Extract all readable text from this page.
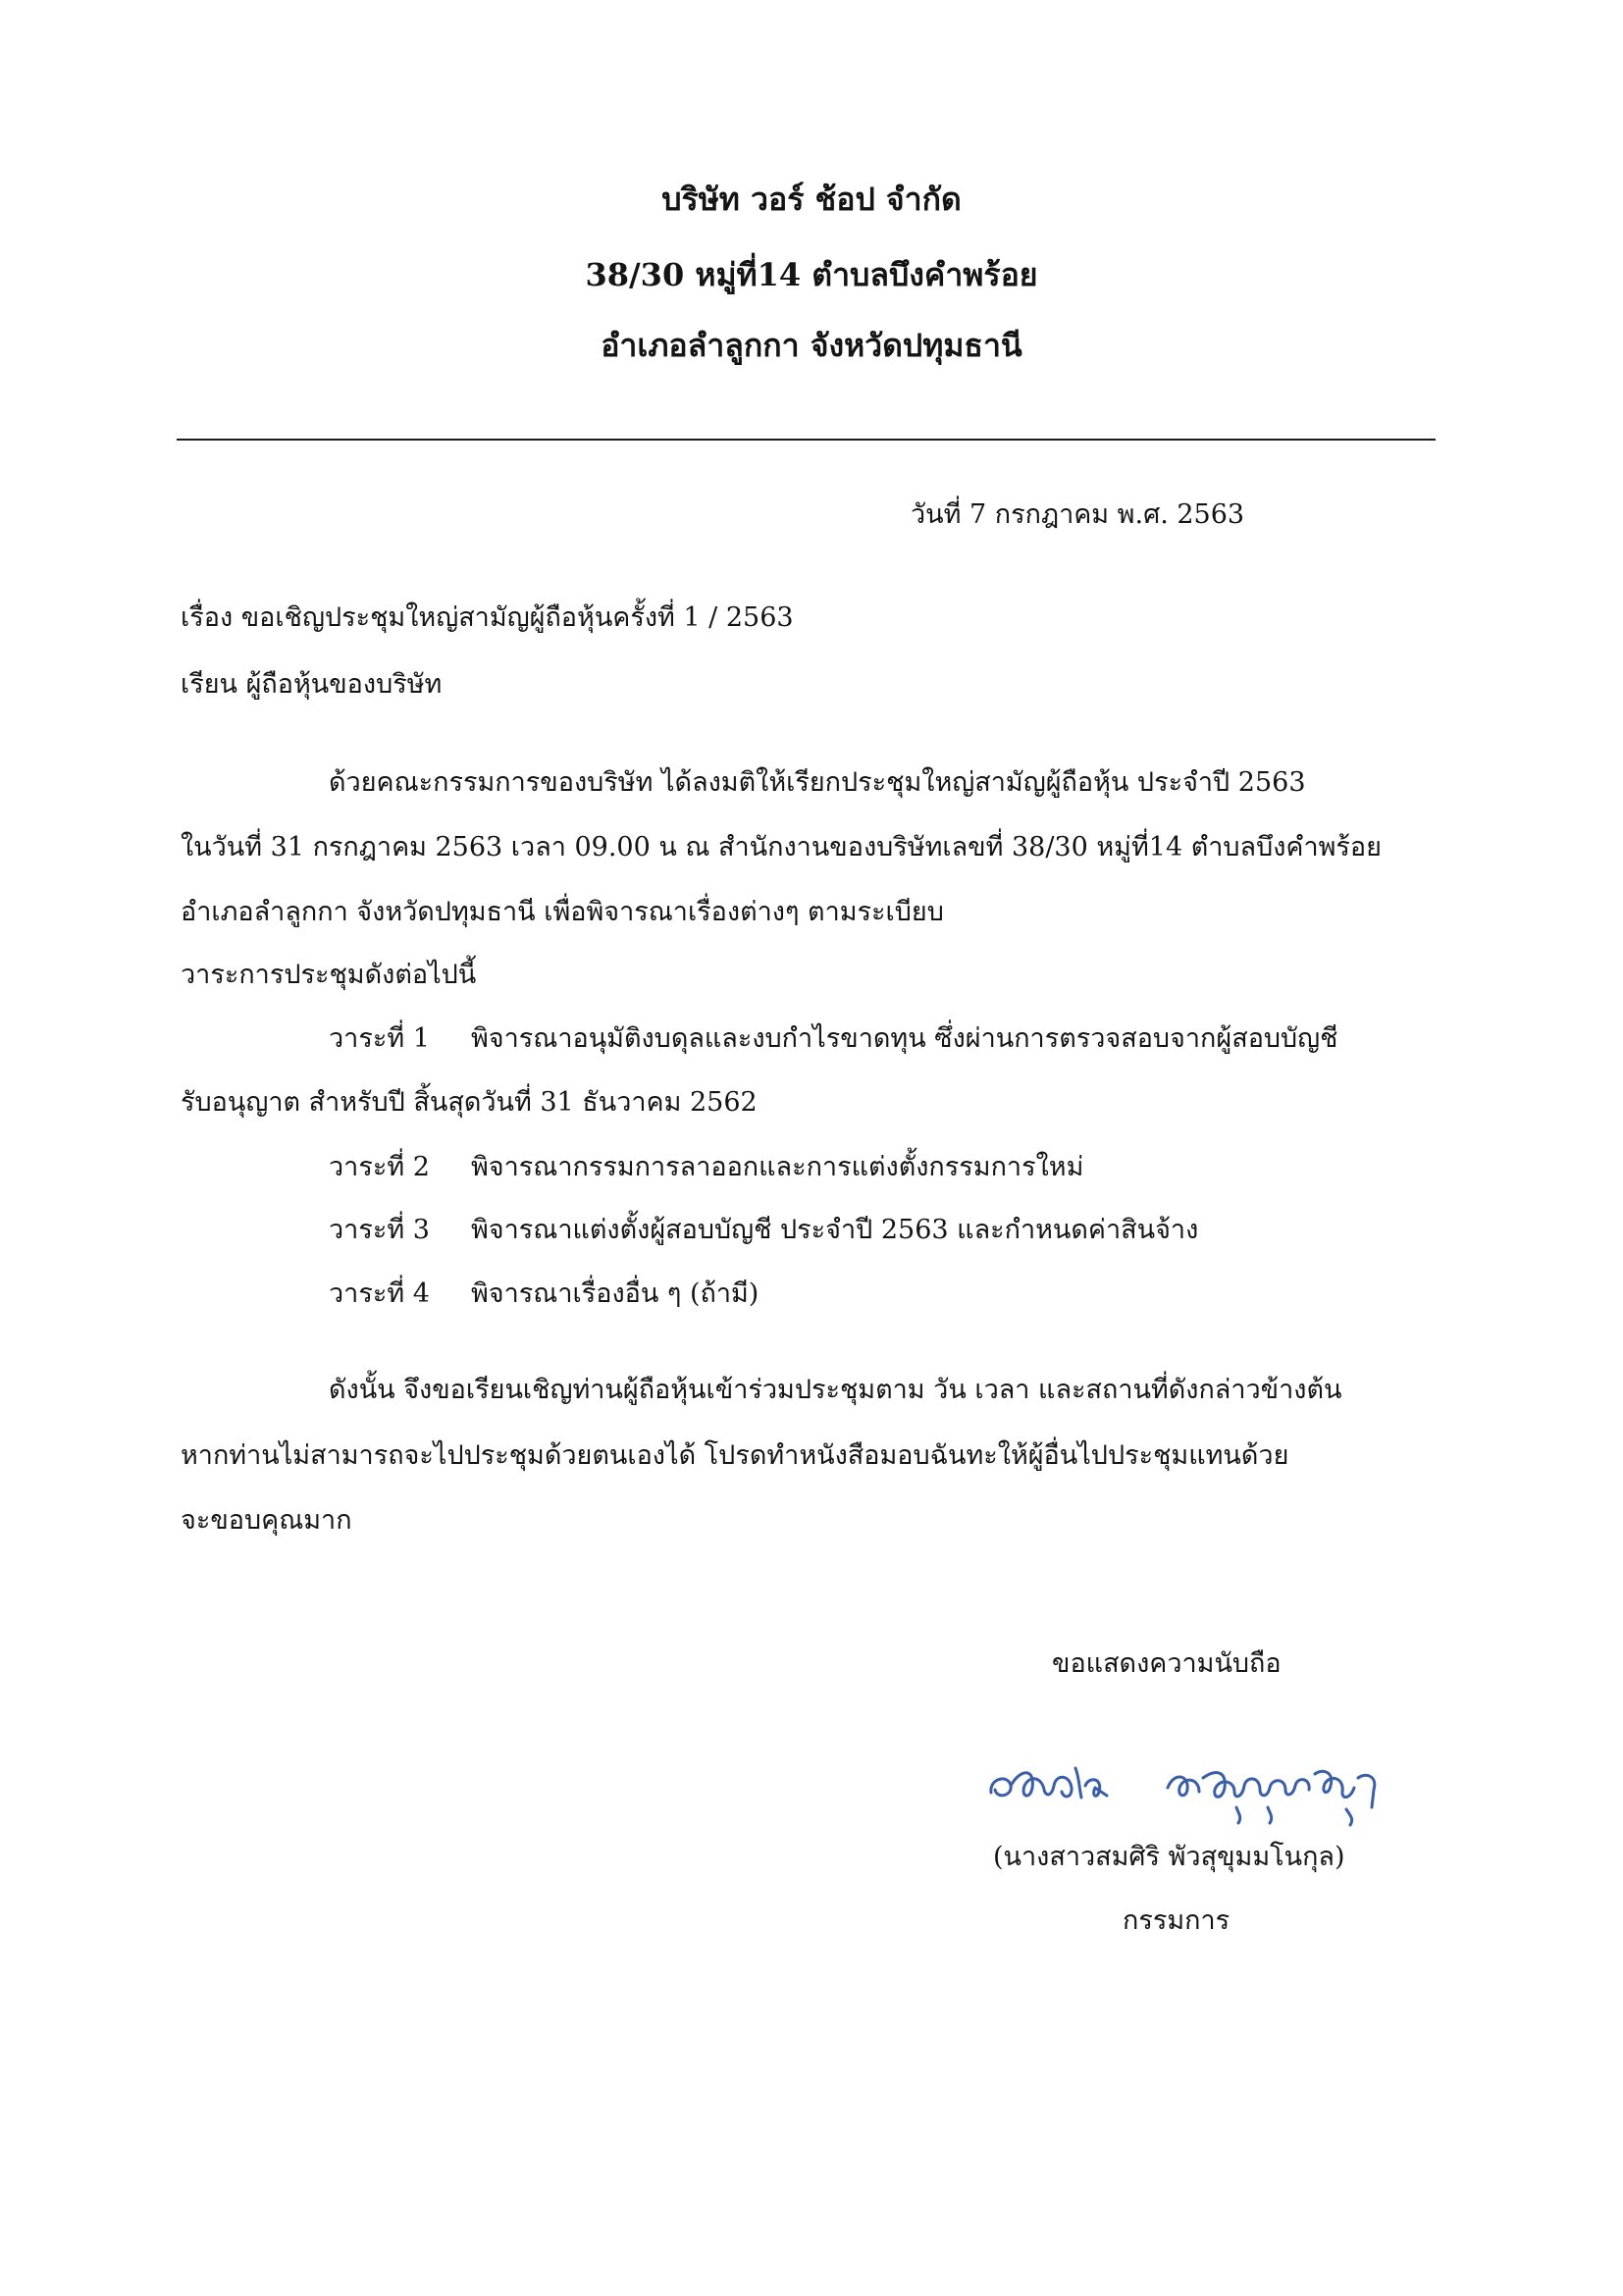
บริษัท วอร์ ช้อป จำกัด
38/30 หมู่ที่14 ตำบลบึงคำพร้อย
อำเภอลำลูกกา จังหวัดปทุมธานี
วันที่ 7 กรกฎาคม พ.ศ. 2563
เรื่อง ขอเชิญประชุมใหญ่สามัญผู้ถือหุ้นครั้งที่ 1 / 2563
เรียน ผู้ถือหุ้นของบริษัท
ด้วยคณะกรรมการของบริษัท ได้ลงมติให้เรียกประชุมใหญ่สามัญผู้ถือหุ้น ประจำปี 2563
ในวันที่ 31 กรกฎาคม 2563 เวลา 09.00 น ณ สำนักงานของบริษัทเลขที่ 38/30 หมู่ที่14 ตำบลบึงคำพร้อย
อำเภอลำลูกกา จังหวัดปทุมธานี เพื่อพิจารณาเรื่องต่างๆ ตามระเบียบ
วาระการประชุมดังต่อไปนี้
วาระที่ 1 พิจารณาอนุมัติงบดุลและงบกำไรขาดทุน ซึ่งผ่านการตรวจสอบจากผู้สอบบัญชี
รับอนุญาต สำหรับปี สิ้นสุดวันที่ 31 ธันวาคม 2562
วาระที่ 2 พิจารณากรรมการลาออกและการแต่งตั้งกรรมการใหม่
วาระที่ 3 พิจารณาแต่งตั้งผู้สอบบัญชี ประจำปี 2563 และกำหนดค่าสินจ้าง
วาระที่ 4 พิจารณาเรื่องอื่น ๆ (ถ้ามี)
ดังนั้น จึงขอเรียนเชิญท่านผู้ถือหุ้นเข้าร่วมประชุมตาม วัน เวลา และสถานที่ดังกล่าวข้างต้น
หากท่านไม่สามารถจะไปประชุมด้วยตนเองได้ โปรดทำหนังสือมอบฉันทะให้ผู้อื่นไปประชุมแทนด้วย
จะขอบคุณมาก
ขอแสดงความนับถือ
(นางสาวสมศิริ พัวสุขุมมโนกุล)
กรรมการ
